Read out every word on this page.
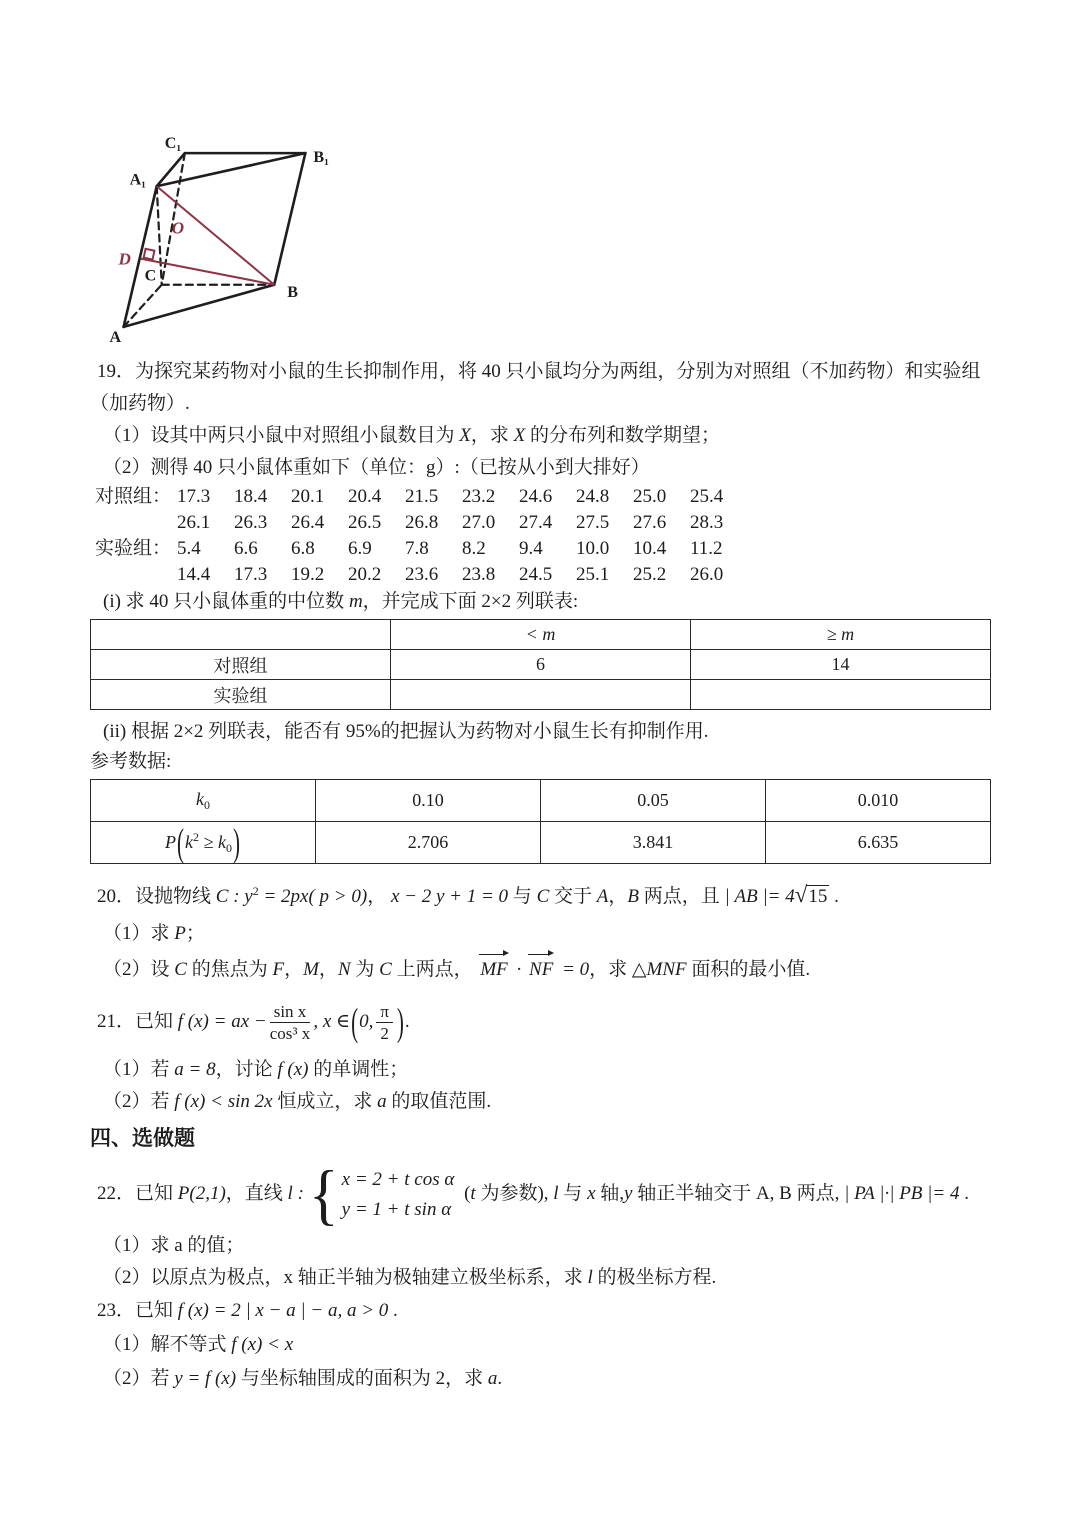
C₁
B₁
A₁
C
B
A
O
D

19．为探究某药物对小鼠的生长抑制作用，将 40 只小鼠均分为两组，分别为对照组（不加药物）和实验组

（加药物）.

（1）设其中两只小鼠中对照组小鼠数目为 X，求 X 的分布列和数学期望；

（2）测得 40 只小鼠体重如下（单位：g）:（已按从小到大排好）

对照组： 17.3	18.4	20.1	20.4	21.5	23.2	24.6	24.8	25.0	25.4
26.1	26.3	26.4	26.5	26.8	27.0	27.4	27.5	27.6	28.3
实验组： 5.4	6.6	6.8	6.9	7.8	8.2	9.4	10.0	10.4	11.2
14.4	17.3	19.2	20.2	23.6	23.8	24.5	25.1	25.2	26.0

(i) 求 40 只小鼠体重的中位数 m，并完成下面 2×2 列联表:

	< m	≥ m
对照组	6	14
实验组		

(ii) 根据 2×2 列联表，能否有 95%的把握认为药物对小鼠生长有抑制作用.

参考数据:

$k_0$	0.10	0.05	0.010
$P(k^2 \ge k_0)$	2.706	3.841	6.635

20．设抛物线 C : $y^2 = 2px$( p > 0)， x − 2 y + 1 = 0 与 C 交于 A，B 两点，且 | AB |= 4√15 .

（1）求 P；

（2）设 C 的焦点为 F，M，N 为 C 上两点， MF · NF = 0，求 △MNF 面积的最小值.

21．已知 f (x) = ax − $\frac{\text{sin x}}{\text{cos³ x}}$ , x ∈(0, $\frac{\pi}{2}$ ).

（1）若 a = 8，讨论 f (x) 的单调性；

（2）若 f (x) < sin 2x 恒成立，求 a 的取值范围.

四、选做题

22．已知 P(2,1)，直线 l : { x = 2 + t cos α
y = 1 + t sin α
(t 为参数), l 与 x 轴,y 轴正半轴交于 A, B 两点, | PA |·| PB |= 4 .

（1）求 a 的值；

（2）以原点为极点，x 轴正半轴为极轴建立极坐标系，求 l 的极坐标方程.

23．已知 f (x) = 2 | x − a | − a, a > 0 .

（1）解不等式 f (x) < x

（2）若 y = f (x) 与坐标轴围成的面积为 2，求 a.
